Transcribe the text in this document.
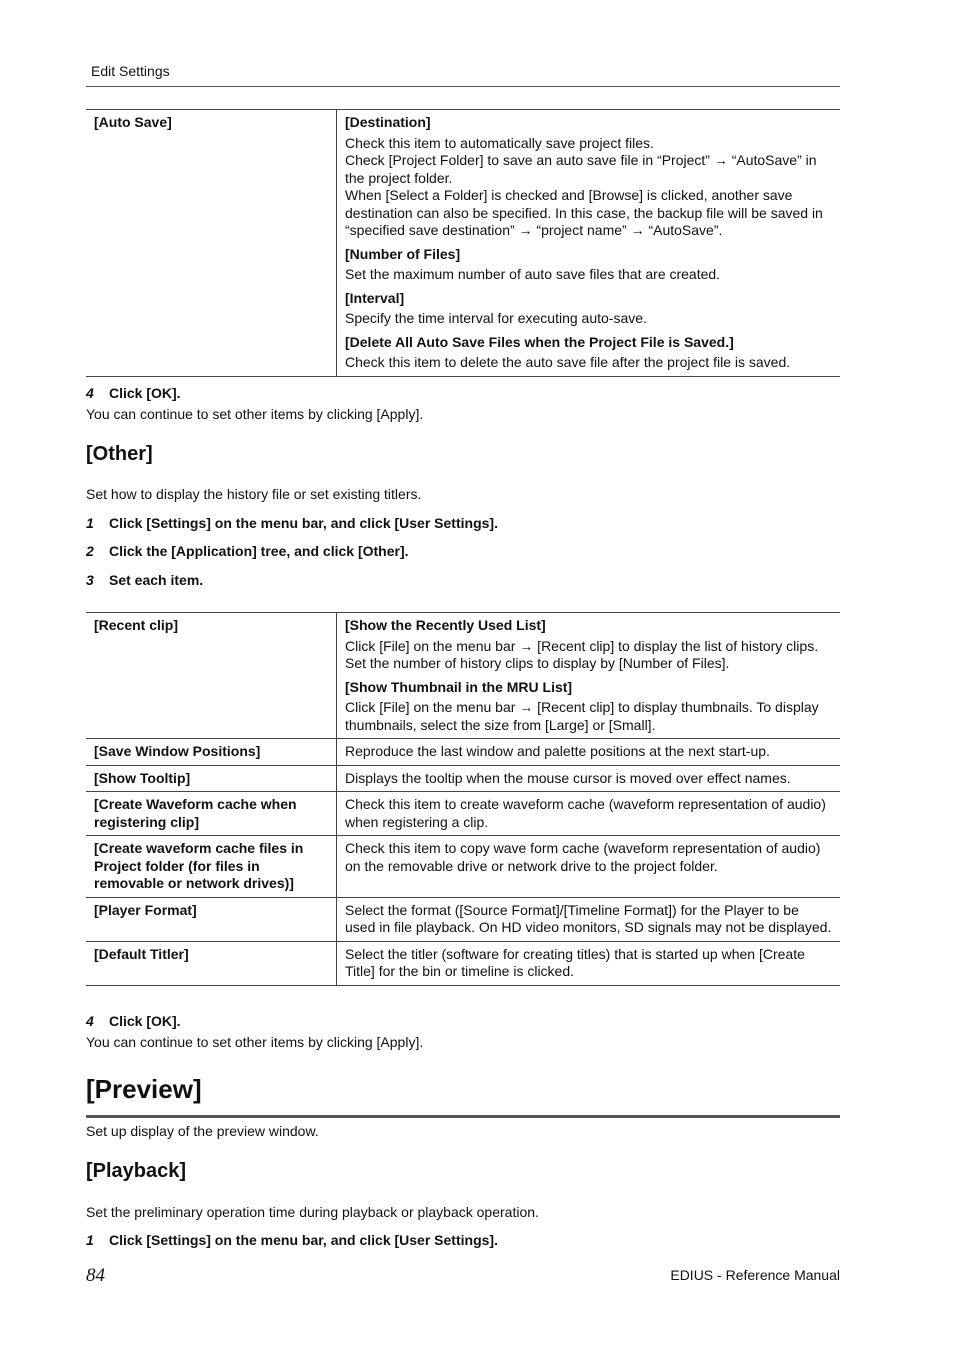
Edit Settings
[Auto Save]	[Destination]
Check this item to automatically save project files.
Check [Project Folder] to save an auto save file in “Project” → “AutoSave” in the project folder.
When [Select a Folder] is checked and [Browse] is clicked, another save destination can also be specified. In this case, the backup file will be saved in “specified save destination” → “project name” → “AutoSave”.
[Number of Files]
Set the maximum number of auto save files that are created.
[Interval]
Specify the time interval for executing auto-save.
[Delete All Auto Save Files when the Project File is Saved.]
Check this item to delete the auto save file after the project file is saved.
4 Click [OK].
You can continue to set other items by clicking [Apply].
[Other]
Set how to display the history file or set existing titlers.
1 Click [Settings] on the menu bar, and click [User Settings].
2 Click the [Application] tree, and click [Other].
3 Set each item.
[Recent clip]	[Show the Recently Used List]
Click [File] on the menu bar → [Recent clip] to display the list of history clips. Set the number of history clips to display by [Number of Files].
[Show Thumbnail in the MRU List]
Click [File] on the menu bar → [Recent clip] to display thumbnails. To display thumbnails, select the size from [Large] or [Small].

[Save Window Positions]	Reproduce the last window and palette positions at the next start-up.

[Show Tooltip]	Displays the tooltip when the mouse cursor is moved over effect names.

[Create Waveform cache when registering clip]	Check this item to create waveform cache (waveform representation of audio) when registering a clip.

[Create waveform cache files in Project folder (for files in removable or network drives)]	Check this item to copy wave form cache (waveform representation of audio) on the removable drive or network drive to the project folder.

[Player Format]	Select the format ([Source Format]/[Timeline Format]) for the Player to be used in file playback. On HD video monitors, SD signals may not be displayed.

[Default Titler]	Select the titler (software for creating titles) that is started up when [Create Title] for the bin or timeline is clicked.
4 Click [OK].
You can continue to set other items by clicking [Apply].
[Preview]
Set up display of the preview window.
[Playback]
Set the preliminary operation time during playback or playback operation.
1 Click [Settings] on the menu bar, and click [User Settings].
84	EDIUS - Reference Manual
